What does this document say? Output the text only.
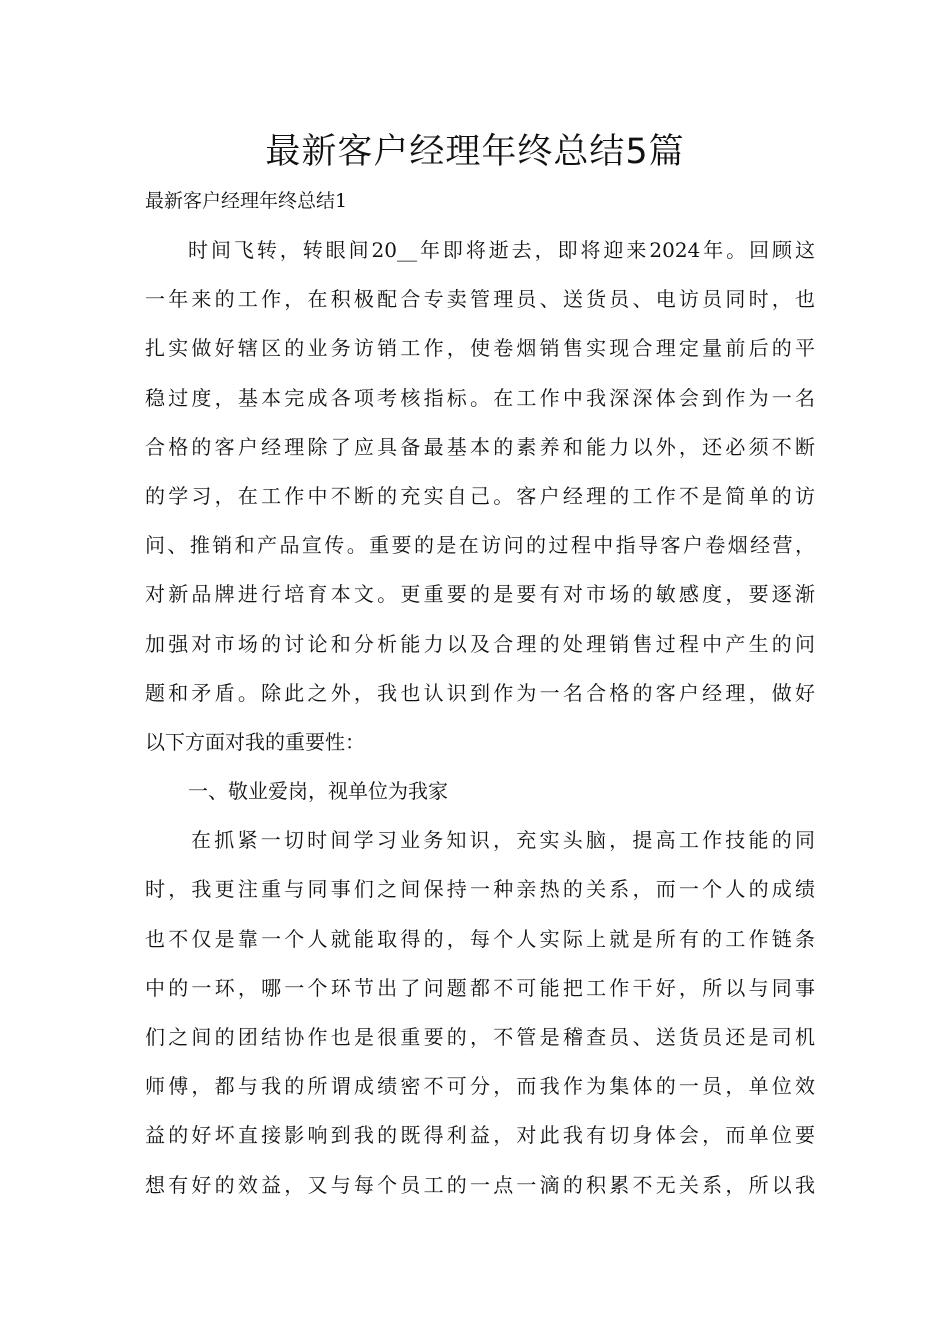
最新客户经理年终总结5篇
最新客户经理年终总结1
时间飞转，转眼间20__年即将逝去，即将迎来2024年。回顾这
一年来的工作，在积极配合专卖管理员、送货员、电访员同时，也
扎实做好辖区的业务访销工作，使卷烟销售实现合理定量前后的平
稳过度，基本完成各项考核指标。在工作中我深深体会到作为一名
合格的客户经理除了应具备最基本的素养和能力以外，还必须不断
的学习，在工作中不断的充实自己。客户经理的工作不是简单的访
问、推销和产品宣传。重要的是在访问的过程中指导客户卷烟经营，
对新品牌进行培育本文。更重要的是要有对市场的敏感度，要逐渐
加强对市场的讨论和分析能力以及合理的处理销售过程中产生的问
题和矛盾。除此之外，我也认识到作为一名合格的客户经理，做好
以下方面对我的重要性：
一、敬业爱岗，视单位为我家
在抓紧一切时间学习业务知识，充实头脑，提高工作技能的同
时，我更注重与同事们之间保持一种亲热的关系，而一个人的成绩
也不仅是靠一个人就能取得的，每个人实际上就是所有的工作链条
中的一环，哪一个环节出了问题都不可能把工作干好，所以与同事
们之间的团结协作也是很重要的，不管是稽查员、送货员还是司机
师傅，都与我的所谓成绩密不可分，而我作为集体的一员，单位效
益的好坏直接影响到我的既得利益，对此我有切身体会，而单位要
想有好的效益，又与每个员工的一点一滴的积累不无关系，所以我
